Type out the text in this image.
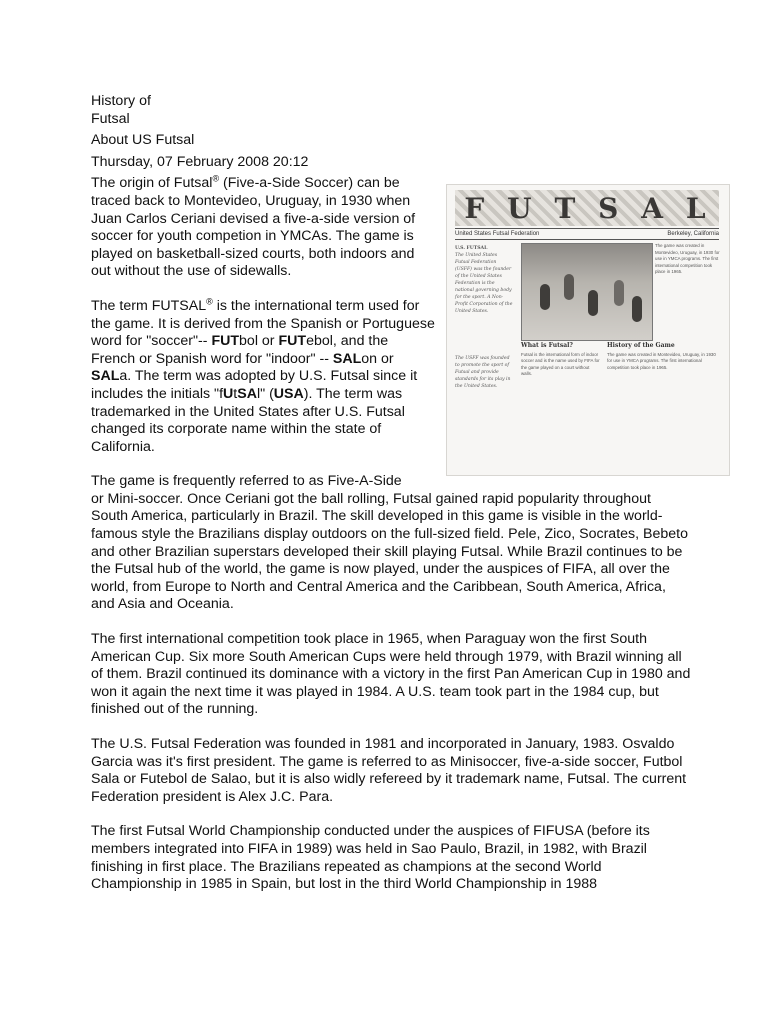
History of
Futsal
About US Futsal
Thursday, 07 February 2008 20:12
F U T S A L
United States Futsal Federation	Berkeley, California
U.S. FUTSAL
The United States Futsal Federation (USFF) was the founder of the United States Federation is the national governing body for the sport. A Non-Profit Corporation of the United States.
The USFF was founded to promote the sport of Futsal and provide standards for its play in the United States.
The game was created in Montevideo, Uruguay, in 1930 for use in YMCA programs. The first international competition took place in 1965.
What is Futsal?
Futsal is the international form of indoor soccer and is the name used by FIFA for the game played on a court without walls.
History of the Game
The game was created in Montevideo, Uruguay, in 1930 for use in YMCA programs. The first international competition took place in 1965.

The origin of Futsal® (Five-a-Side Soccer) can be traced back to Montevideo, Uruguay, in 1930 when Juan Carlos Ceriani devised a five-a-side version of soccer for youth competion in YMCAs. The game is played on basketball-sized courts, both indoors and out without the use of sidewalls.

The term FUTSAL® is the international term used for the game. It is derived from the Spanish or Portuguese word for "soccer"-- FUTbol or FUTebol, and the French or Spanish word for "indoor" -- SALon or SALa. The term was adopted by U.S. Futsal since it includes the initials "fUtSAl" (USA). The term was trademarked in the United States after U.S. Futsal changed its corporate name within the state of California.

The game is frequently referred to as Five-A-Side

or Mini-soccer. Once Ceriani got the ball rolling, Futsal gained rapid popularity throughout South America, particularly in Brazil. The skill developed in this game is visible in the world-famous style the Brazilians display outdoors on the full-sized field. Pele, Zico, Socrates, Bebeto and other Brazilian superstars developed their skill playing Futsal. While Brazil continues to be the Futsal hub of the world, the game is now played, under the auspices of FIFA, all over the world, from Europe to North and Central America and the Caribbean, South America, Africa, and Asia and Oceania.

The first international competition took place in 1965, when Paraguay won the first South American Cup. Six more South American Cups were held through 1979, with Brazil winning all of them. Brazil continued its dominance with a victory in the first Pan American Cup in 1980 and won it again the next time it was played in 1984. A U.S. team took part in the 1984 cup, but finished out of the running.

The U.S. Futsal Federation was founded in 1981 and incorporated in January, 1983. Osvaldo Garcia was it's first president. The game is referred to as Minisoccer, five-a-side soccer, Futbol Sala or Futebol de Salao, but it is also widly refereed by it trademark name, Futsal. The current Federation president is Alex J.C. Para.

The first Futsal World Championship conducted under the auspices of FIFUSA (before its members integrated into FIFA in 1989) was held in Sao Paulo, Brazil, in 1982, with Brazil finishing in first place. The Brazilians repeated as champions at the second World Championship in 1985 in Spain, but lost in the third World Championship in 1988
